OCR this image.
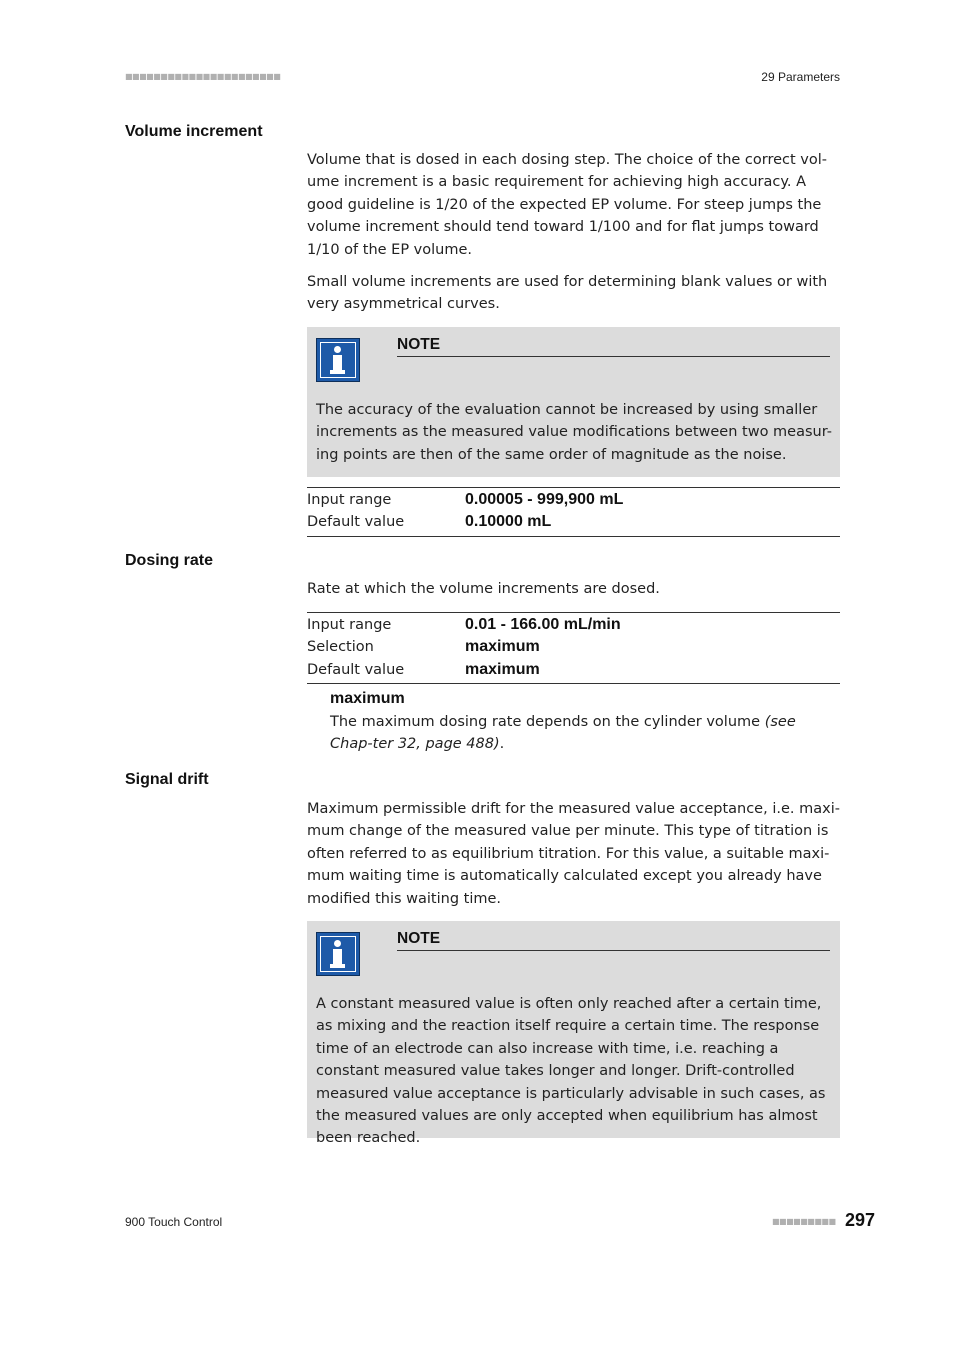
■■■■■■■■■■■■■■■■■■■■■■	29 Parameters
Volume increment

Volume that is dosed in each dosing step. The choice of the correct vol-ume increment is a basic requirement for achieving high accuracy. A good guideline is 1/20 of the expected EP volume. For steep jumps the volume increment should tend toward 1/100 and for flat jumps toward 1/10 of the EP volume.

Small volume increments are used for determining blank values or with very asymmetrical curves.

NOTE

The accuracy of the evaluation cannot be increased by using smaller increments as the measured value modifications between two measur-ing points are then of the same order of magnitude as the noise.

Input range	0.00005 - 999,900 mL
Default value	0.10000 mL
Dosing rate

Rate at which the volume increments are dosed.

Input range	0.01 - 166.00 mL/min
Selection	maximum
Default value	maximum
maximum

The maximum dosing rate depends on the cylinder volume (see Chap-ter 32, page 488).

Signal drift

Maximum permissible drift for the measured value acceptance, i.e. maxi-mum change of the measured value per minute. This type of titration is often referred to as equilibrium titration. For this value, a suitable maxi-mum waiting time is automatically calculated except you already have modified this waiting time.

NOTE

A constant measured value is often only reached after a certain time, as mixing and the reaction itself require a certain time. The response time of an electrode can also increase with time, i.e. reaching a constant measured value takes longer and longer. Drift-controlled measured value acceptance is particularly advisable in such cases, as the measured values are only accepted when equilibrium has almost been reached.

900 Touch Control	■■■■■■■■■ 297
